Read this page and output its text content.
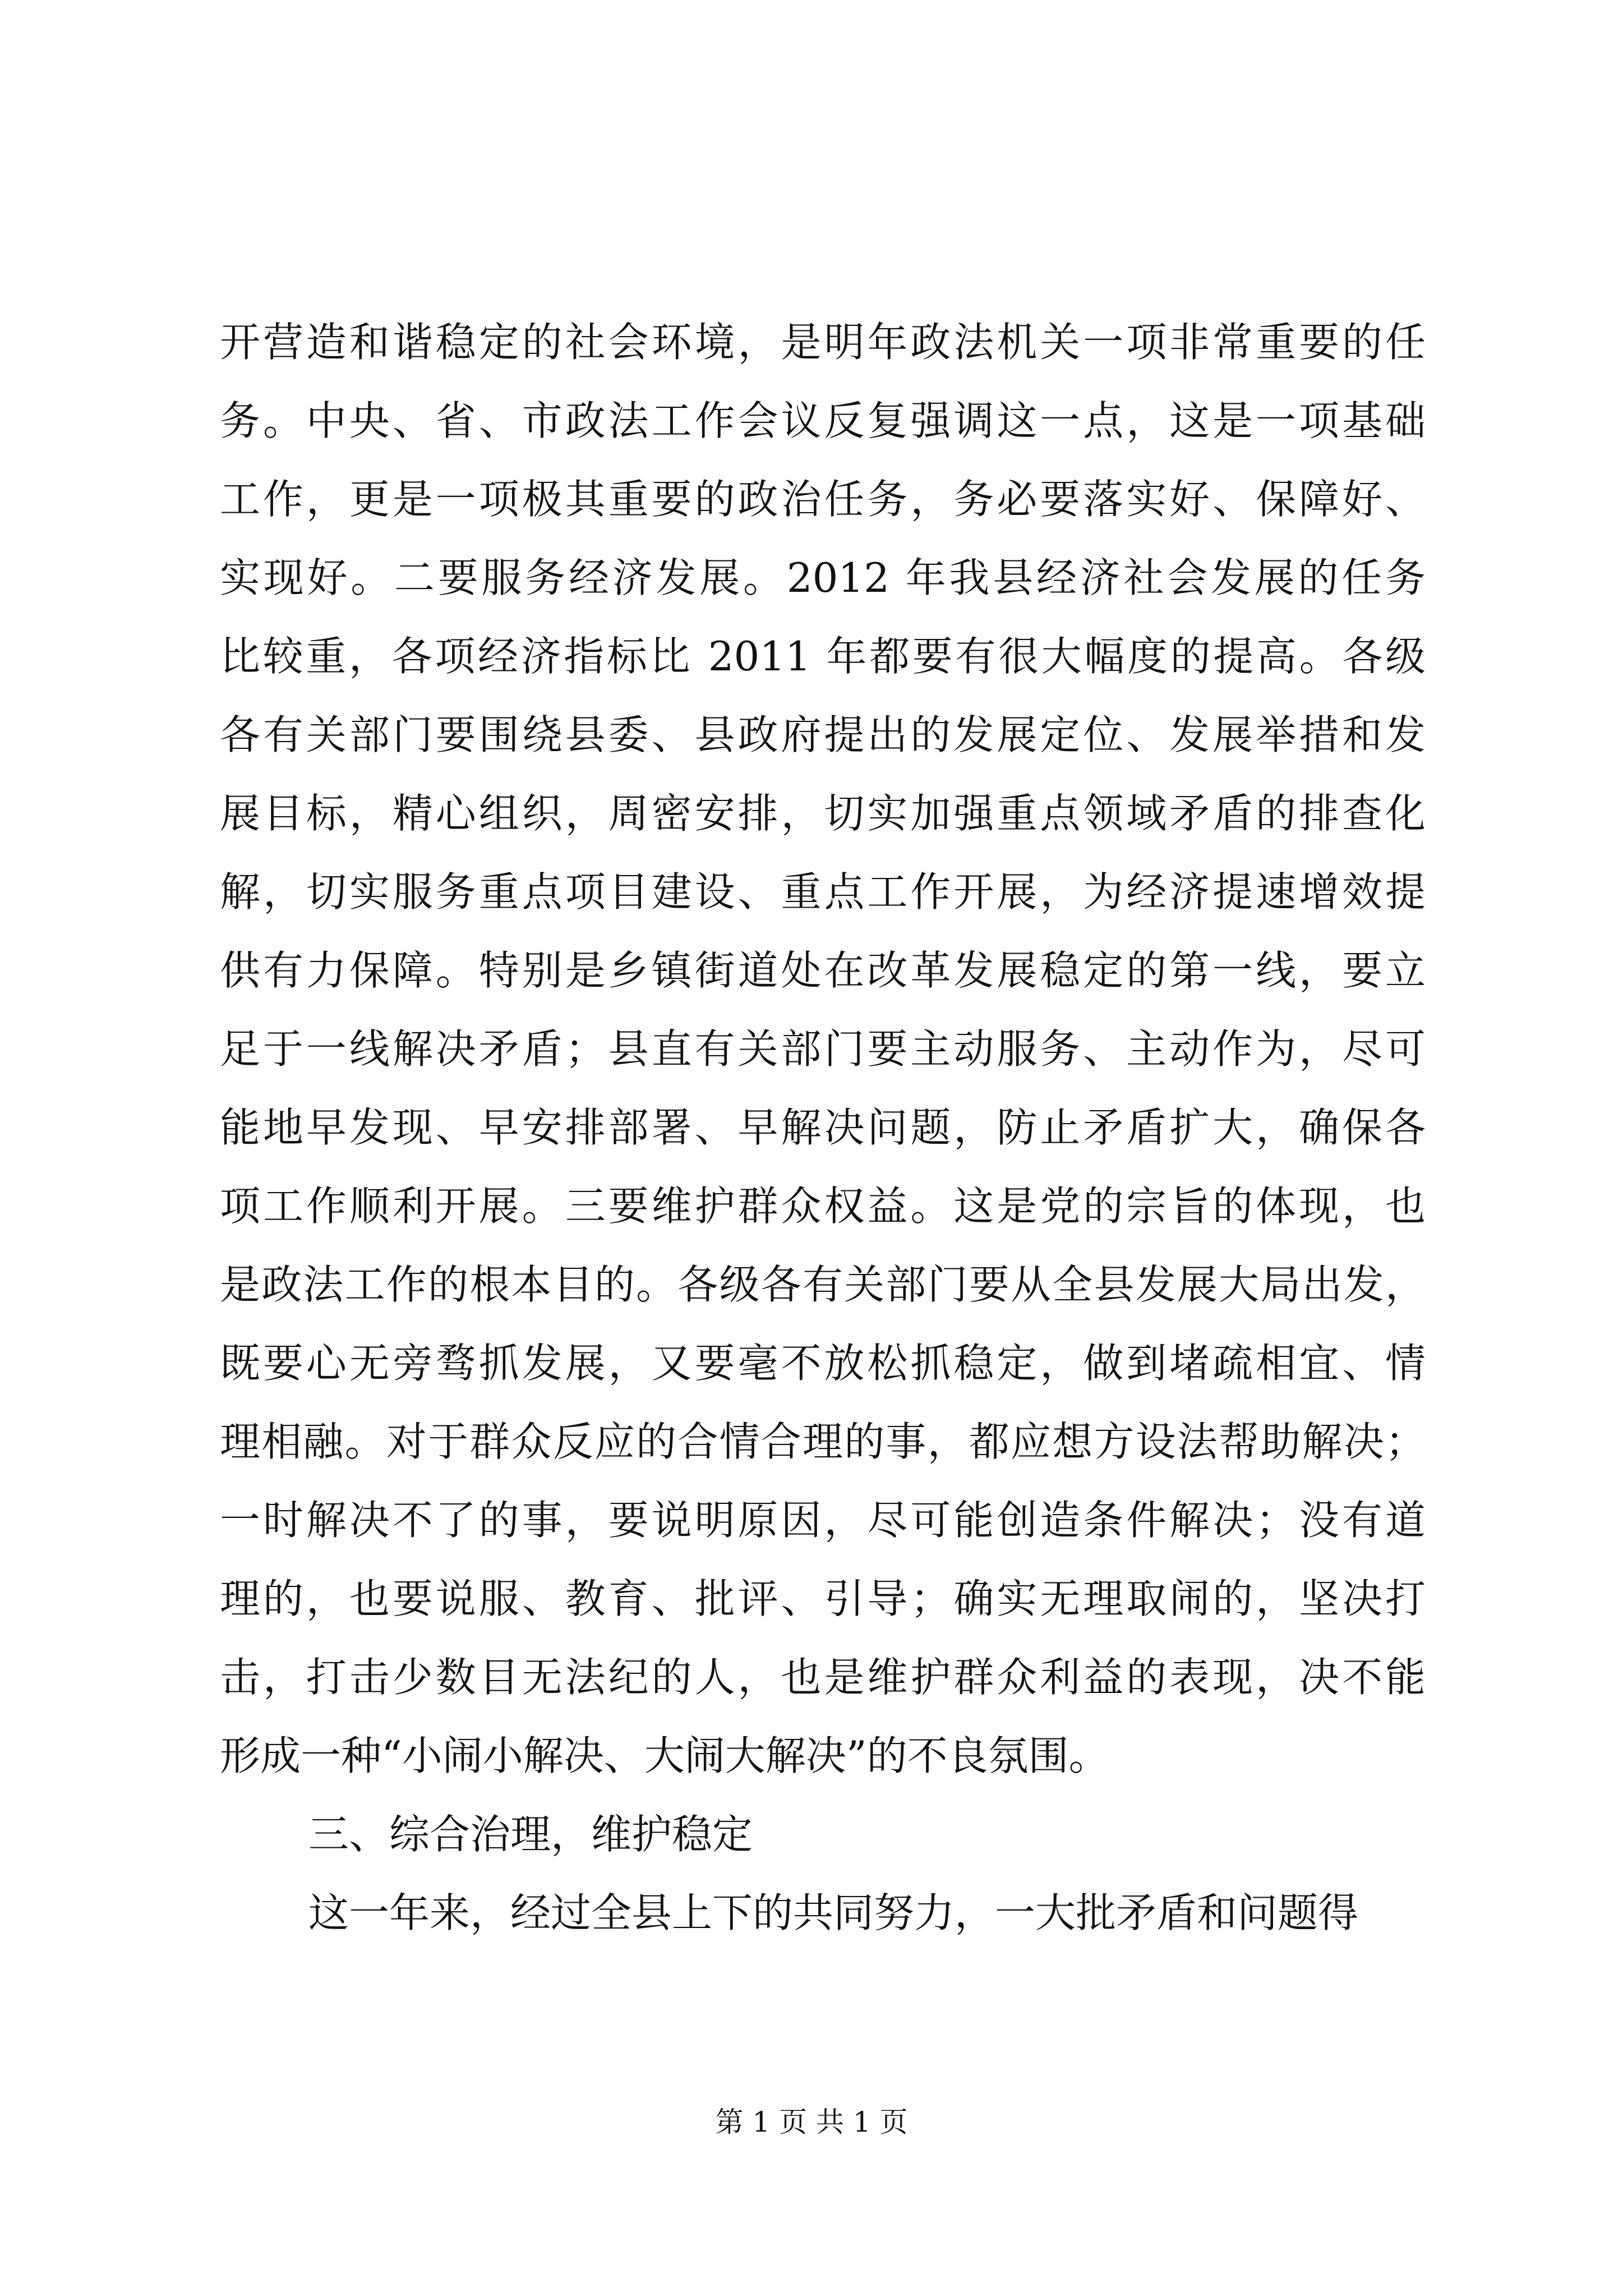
开营造和谐稳定的社会环境，是明年政法机关一项非常重要的任
务。中央、省、市政法工作会议反复强调这一点，这是一项基础
工作，更是一项极其重要的政治任务，务必要落实好、保障好、
实现好。二要服务经济发展。2012 年我县经济社会发展的任务
比较重，各项经济指标比 2011 年都要有很大幅度的提高。各级
各有关部门要围绕县委、县政府提出的发展定位、发展举措和发
展目标，精心组织，周密安排，切实加强重点领域矛盾的排查化
解，切实服务重点项目建设、重点工作开展，为经济提速增效提
供有力保障。特别是乡镇街道处在改革发展稳定的第一线，要立
足于一线解决矛盾；县直有关部门要主动服务、主动作为，尽可
能地早发现、早安排部署、早解决问题，防止矛盾扩大，确保各
项工作顺利开展。三要维护群众权益。这是党的宗旨的体现，也
是政法工作的根本目的。各级各有关部门要从全县发展大局出发，
既要心无旁骛抓发展，又要毫不放松抓稳定，做到堵疏相宜、情
理相融。对于群众反应的合情合理的事，都应想方设法帮助解决；
一时解决不了的事，要说明原因，尽可能创造条件解决；没有道
理的，也要说服、教育、批评、引导；确实无理取闹的，坚决打
击，打击少数目无法纪的人，也是维护群众利益的表现，决不能
形成一种“小闹小解决、大闹大解决”的不良氛围。
三、综合治理，维护稳定
这一年来，经过全县上下的共同努力，一大批矛盾和问题得
第 1 页 共 1 页
